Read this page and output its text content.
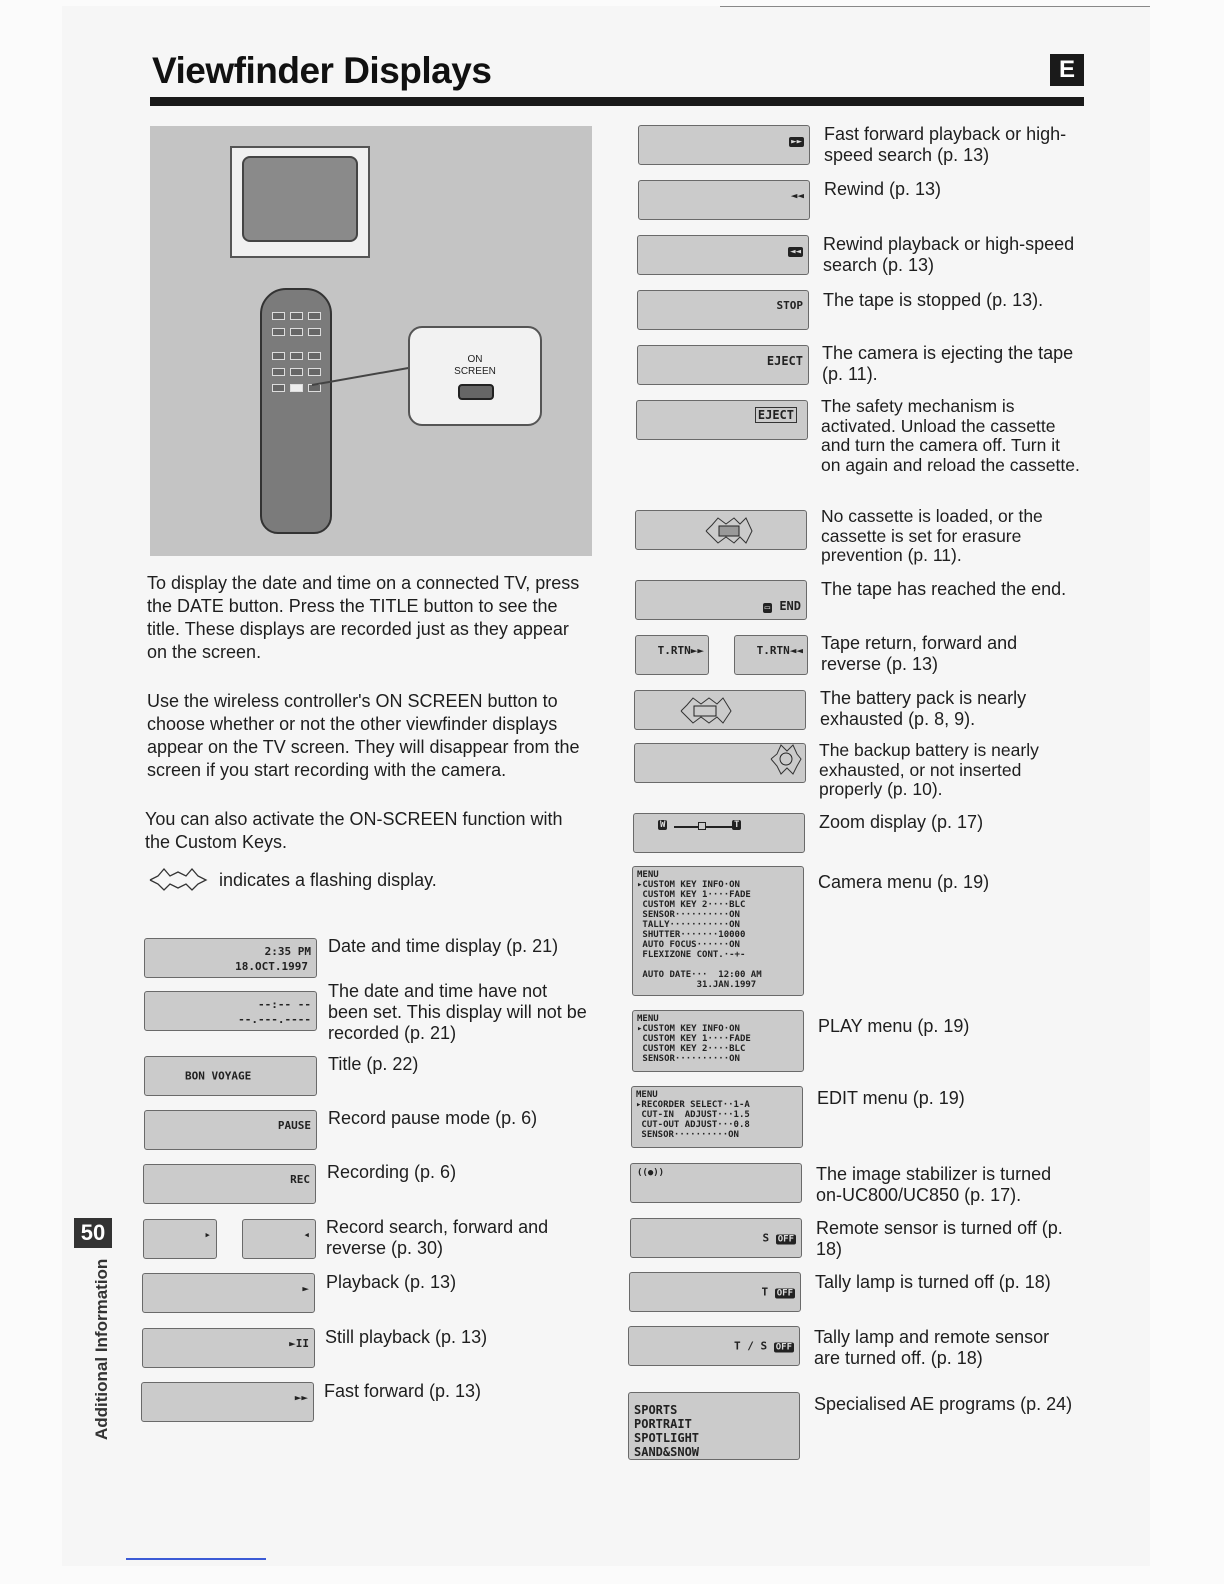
Viewfinder Displays	E
ON
SCREEN

To display the date and time on a connected TV, press the DATE button. Press the TITLE button to see the title. These displays are recorded just as they appear on the screen.

Use the wireless controller's ON SCREEN button to choose whether or not the other viewfinder displays appear on the TV screen. They will disappear from the screen if you start recording with the camera.

You can also activate the ON-SCREEN function with the Custom Keys.

indicates a flashing display.

2:35 PM
18.OCT.1997

Date and time display (p. 21)

--:-- --
--.---.----

The date and time have not been set. This display will not be recorded (p. 21)

BON VOYAGE

Title (p. 22)

PAUSE Record pause mode (p. 6)

REC Recording (p. 6)

▸	◂ Record search, forward and reverse (p. 30)

► Playback (p. 13)

►II Still playback (p. 13)

►► Fast forward (p. 13)

►► Fast forward playback or high-speed search (p. 13)

◄◄ Rewind (p. 13)

◄◄ Rewind playback or high-speed search (p. 13)

STOP The tape is stopped (p. 13).

EJECT The camera is ejecting the tape (p. 11).

EJECT The safety mechanism is activated. Unload the cassette and turn the camera off. Turn it on again and reload the cassette.

No cassette is loaded, or the cassette is set for erasure prevention (p. 11).

▭ END

The tape has reached the end.

T.RTN►►	T.RTN◄◄ Tape return, forward and reverse (p. 13)

The battery pack is nearly exhausted (p. 8, 9).

The backup battery is nearly exhausted, or not inserted properly (p. 10).

W	T	Zoom display (p. 17)

MENU
▸CUSTOM KEY INFO·ON
CUSTOM KEY 1····FADE
CUSTOM KEY 2····BLC
SENSOR··········ON
TALLY···········ON
SHUTTER·······10000
AUTO FOCUS······ON
FLEXIZONE CONT.·-+-

AUTO DATE···  12:00 AM
31.JAN.1997

Camera menu (p. 19)

MENU
▸CUSTOM KEY INFO·ON
CUSTOM KEY 1····FADE
CUSTOM KEY 2····BLC
SENSOR··········ON

PLAY menu (p. 19)

MENU
▸RECORDER SELECT··1-A
CUT-IN  ADJUST···1.5
CUT-OUT ADJUST···0.8
SENSOR··········ON

EDIT menu (p. 19)

((●))	The image stabilizer is turned on-UC800/UC850 (p. 17).

S OFF

Remote sensor is turned off (p. 18)

T OFF

Tally lamp is turned off (p. 18)

T / S OFF

Tally lamp and remote sensor are turned off. (p. 18)

SPORTS
PORTRAIT
SPOTLIGHT
SAND&SNOW

Specialised AE programs (p. 24)

50
Additional Information
